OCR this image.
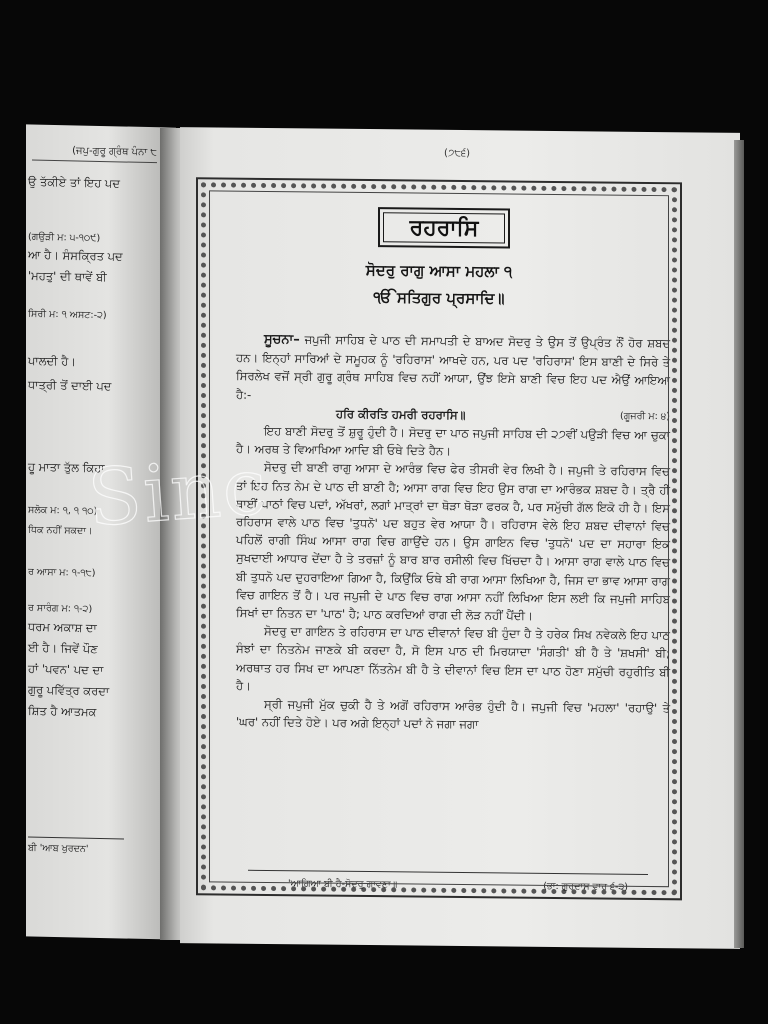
(ਜਪੁ-ਗੁਰੂ ਗ੍ਰੰਥ ਪੰਨਾ ੮
ਉ ਤੱਕੀਏ ਤਾਂ ਇਹ ਪਦ
(ਗਉੜੀ ਮ: ੫-੧੦੯)
ਆ ਹੈ। ਸੰਸਕ੍ਰਿਤ ਪਦ
'ਮਹਤੁ' ਦੀ ਥਾਵੇਂ ਬੀ
ਸਿਰੀ ਮ: ੧ ਅਸਟ:-੨)
ਪਾਲਦੀ ਹੈ।
ਧਾਤ੍ਰੀ ਤੋਂ ਦਾਈ ਪਦ
ਹੂ ਮਾਤਾ ਤੁੱਲ ਕਿਹਾ
ਸਲੋਕ ਮ: ੧, ੧ ੧੦)
ਧਿਕ ਨਹੀਂ ਸਕਦਾ।
ਰ ਆਸਾ ਮ: ੧-੧੮)
ਰ ਸਾਰੰਗ ਮ: ੧-੨)
ਧਰਮ ਅਕਾਸ਼ ਦਾ
ਈ ਹੈ। ਜਿਵੇਂ ਪੌਣ
ਹਾਂ 'ਪਵਨ' ਪਦ ਦਾ
ਗੁਰੂ ਪਵਿੱਤ੍ਰ ਕਰਦਾ
ਸ਼ਿਤ ਹੈ ਆਤਮਕ
ਬੀ 'ਆਬ ਖੁਰਦਨ'
(੭੮੬)
ਰਹਰਾਸਿ
ਸੋਦਰੁ ਰਾਗੁ ਆਸਾ ਮਹਲਾ ੧
ੴ ਸਤਿਗੁਰ ਪ੍ਰਸਾਦਿ॥

ਸੂਚਨਾ– ਜਪੁਜੀ ਸਾਹਿਬ ਦੇ ਪਾਠ ਦੀ ਸਮਾਪਤੀ ਦੇ ਬਾਅਦ ਸੋਦਰੁ ਤੇ ਉਸ ਤੋਂ ਉਪ੍ਰੰਤ ਨੌਂ ਹੋਰ ਸ਼ਬਦ ਹਨ। ਇਨ੍ਹਾਂ ਸਾਰਿਆਂ ਦੇ ਸਮੂਹਕ ਨੂੰ 'ਰਹਿਰਾਸ' ਆਖਦੇ ਹਨ, ਪਰ ਪਦ 'ਰਹਿਰਾਸ' ਇਸ ਬਾਣੀ ਦੇ ਸਿਰੇ ਤੇ ਸਿਰਲੇਖ ਵਜੋਂ ਸ੍ਰੀ ਗੁਰੂ ਗ੍ਰੰਥ ਸਾਹਿਬ ਵਿਚ ਨਹੀਂ ਆਯਾ, ਉਂਝ ਇਸੇ ਬਾਣੀ ਵਿਚ ਇਹ ਪਦ ਐਉਂ ਆਇਆ ਹੈ:-

ਹਰਿ ਕੀਰਤਿ ਹਮਰੀ ਰਹਰਾਸਿ॥	(ਗੂਜਰੀ ਮ: ੪)

ਇਹ ਬਾਣੀ ਸੋਦਰੁ ਤੋਂ ਸ਼ੁਰੂ ਹੁੰਦੀ ਹੈ। ਸੋਦਰੁ ਦਾ ਪਾਠ ਜਪੁਜੀ ਸਾਹਿਬ ਦੀ ੨੭ਵੀਂ ਪਉੜੀ ਵਿਚ ਆ ਚੁਕਾ ਹੈ। ਅਰਥ ਤੇ ਵਿਆਖਿਆ ਆਦਿ ਬੀ ਓਥੇ ਦਿਤੇ ਹੈਨ।

ਸੋਦਰੁ ਦੀ ਬਾਣੀ ਰਾਗੁ ਆਸਾ ਦੇ ਆਰੰਭ ਵਿਚ ਫੇਰ ਤੀਸਰੀ ਵੇਰ ਲਿਖੀ ਹੈ। ਜਪੁਜੀ ਤੇ ਰਹਿਰਾਸ ਵਿਚ ਤਾਂ ਇਹ ਨਿਤ ਨੇਮ ਦੇ ਪਾਠ ਦੀ ਬਾਣੀ ਹੈ; ਆਸਾ ਰਾਗ ਵਿਚ ਇਹ ਉਸ ਰਾਗ ਦਾ ਆਰੰਭਕ ਸ਼ਬਦ ਹੈ। ਤ੍ਰੈ ਹੀ ਥਾਈਂ ਪਾਠਾਂ ਵਿਚ ਪਦਾਂ, ਅੱਖਰਾਂ, ਲਗਾਂ ਮਾਤ੍ਰਾਂ ਦਾ ਥੋੜਾ ਥੋੜਾ ਫਰਕ ਹੈ, ਪਰ ਸਮੁੱਚੀ ਗੱਲ ਇਕੋ ਹੀ ਹੈ। ਇਸ ਰਹਿਰਾਸ ਵਾਲੇ ਪਾਠ ਵਿਚ 'ਤੁਧਨੋ' ਪਦ ਬਹੁਤ ਵੇਰ ਆਯਾ ਹੈ। ਰਹਿਰਾਸ ਵੇਲੇ ਇਹ ਸ਼ਬਦ ਦੀਵਾਨਾਂ ਵਿਚ ਪਹਿਲੋਂ ਰਾਗੀ ਸਿੰਘ ਆਸਾ ਰਾਗ ਵਿਚ ਗਾਉਂਦੇ ਹਨ। ਉਸ ਗਾਇਨ ਵਿਚ 'ਤੁਧਨੋ' ਪਦ ਦਾ ਸਹਾਰਾ ਇਕ ਸੁਖਦਾਈ ਆਧਾਰ ਦੇਂਦਾ ਹੈ ਤੇ ਤਰਜ਼ਾਂ ਨੂੰ ਬਾਰ ਬਾਰ ਰਸੀਲੀ ਵਿਚ ਖਿੱਚਦਾ ਹੈ। ਆਸਾ ਰਾਗ ਵਾਲੇ ਪਾਠ ਵਿਚ ਬੀ ਤੁਧਨੋ ਪਦ ਦੁਹਰਾਇਆ ਗਿਆ ਹੈ, ਕਿਉਂਕਿ ਓਥੇ ਬੀ ਰਾਗ ਆਸਾ ਲਿਖਿਆ ਹੈ, ਜਿਸ ਦਾ ਭਾਵ ਆਸਾ ਰਾਗ ਵਿਚ ਗਾਇਨ ਤੋਂ ਹੈ। ਪਰ ਜਪੁਜੀ ਦੇ ਪਾਠ ਵਿਚ ਰਾਗ ਆਸਾ ਨਹੀਂ ਲਿਖਿਆ ਇਸ ਲਈ ਕਿ ਜਪੁਜੀ ਸਾਹਿਬ ਸਿਖਾਂ ਦਾ ਨਿਤਨ ਦਾ 'ਪਾਠ' ਹੈ; ਪਾਠ ਕਰਦਿਆਂ ਰਾਗ ਦੀ ਲੋੜ ਨਹੀਂ ਪੈਂਦੀ।

ਸੋਦਰੁ ਦਾ ਗਾਇਨ ਤੇ ਰਹਿਰਾਸ ਦਾ ਪਾਠ ਦੀਵਾਨਾਂ ਵਿਚ ਬੀ ਹੁੰਦਾ ਹੈ ਤੇ ਹਰੇਕ ਸਿਖ ਨਵੇਕਲੇ ਇਹ ਪਾਠ ਸੰਝਾਂ ਦਾ ਨਿਤਨੇਮ ਜਾਣਕੇ ਬੀ ਕਰਦਾ ਹੈ, ਸੋ ਇਸ ਪਾਠ ਦੀ ਮਿਰਯਾਦਾ 'ਸੰਗਤੀ' ਬੀ ਹੈ ਤੇ 'ਸ਼ਖਸੀ' ਬੀ; ਅਰਥਾਤ ਹਰ ਸਿਖ ਦਾ ਆਪਣਾ ਨਿੱਤਨੇਮ ਬੀ ਹੈ ਤੇ ਦੀਵਾਨਾਂ ਵਿਚ ਇਸ ਦਾ ਪਾਠ ਹੋਣਾ ਸਮੁੱਚੀ ਰਹੁਰੀਤਿ ਬੀ ਹੈ।

ਸ੍ਰੀ ਜਪੁਜੀ ਮੁੱਕ ਚੁਕੀ ਹੈ ਤੇ ਅਗੋਂ ਰਹਿਰਾਸ ਆਰੰਭ ਹੁੰਦੀ ਹੈ। ਜਪੁਜੀ ਵਿਚ 'ਮਹਲਾ' 'ਰਹਾਉ' ਤੇ 'ਘਰ' ਨਹੀਂ ਦਿਤੇ ਹੋਏ। ਪਰ ਅਗੇ ਇਨ੍ਹਾਂ ਪਦਾਂ ਨੇ ਜਗਾ ਜਗਾ

'ਆਗਿਆ ਬੀ ਹੈ-ਸੋਦਰੁ ਗਾਵਣਾ॥	(ਭਾ: ਗੁਰਦਾਸ ਵਾਰ ੬-੩)
